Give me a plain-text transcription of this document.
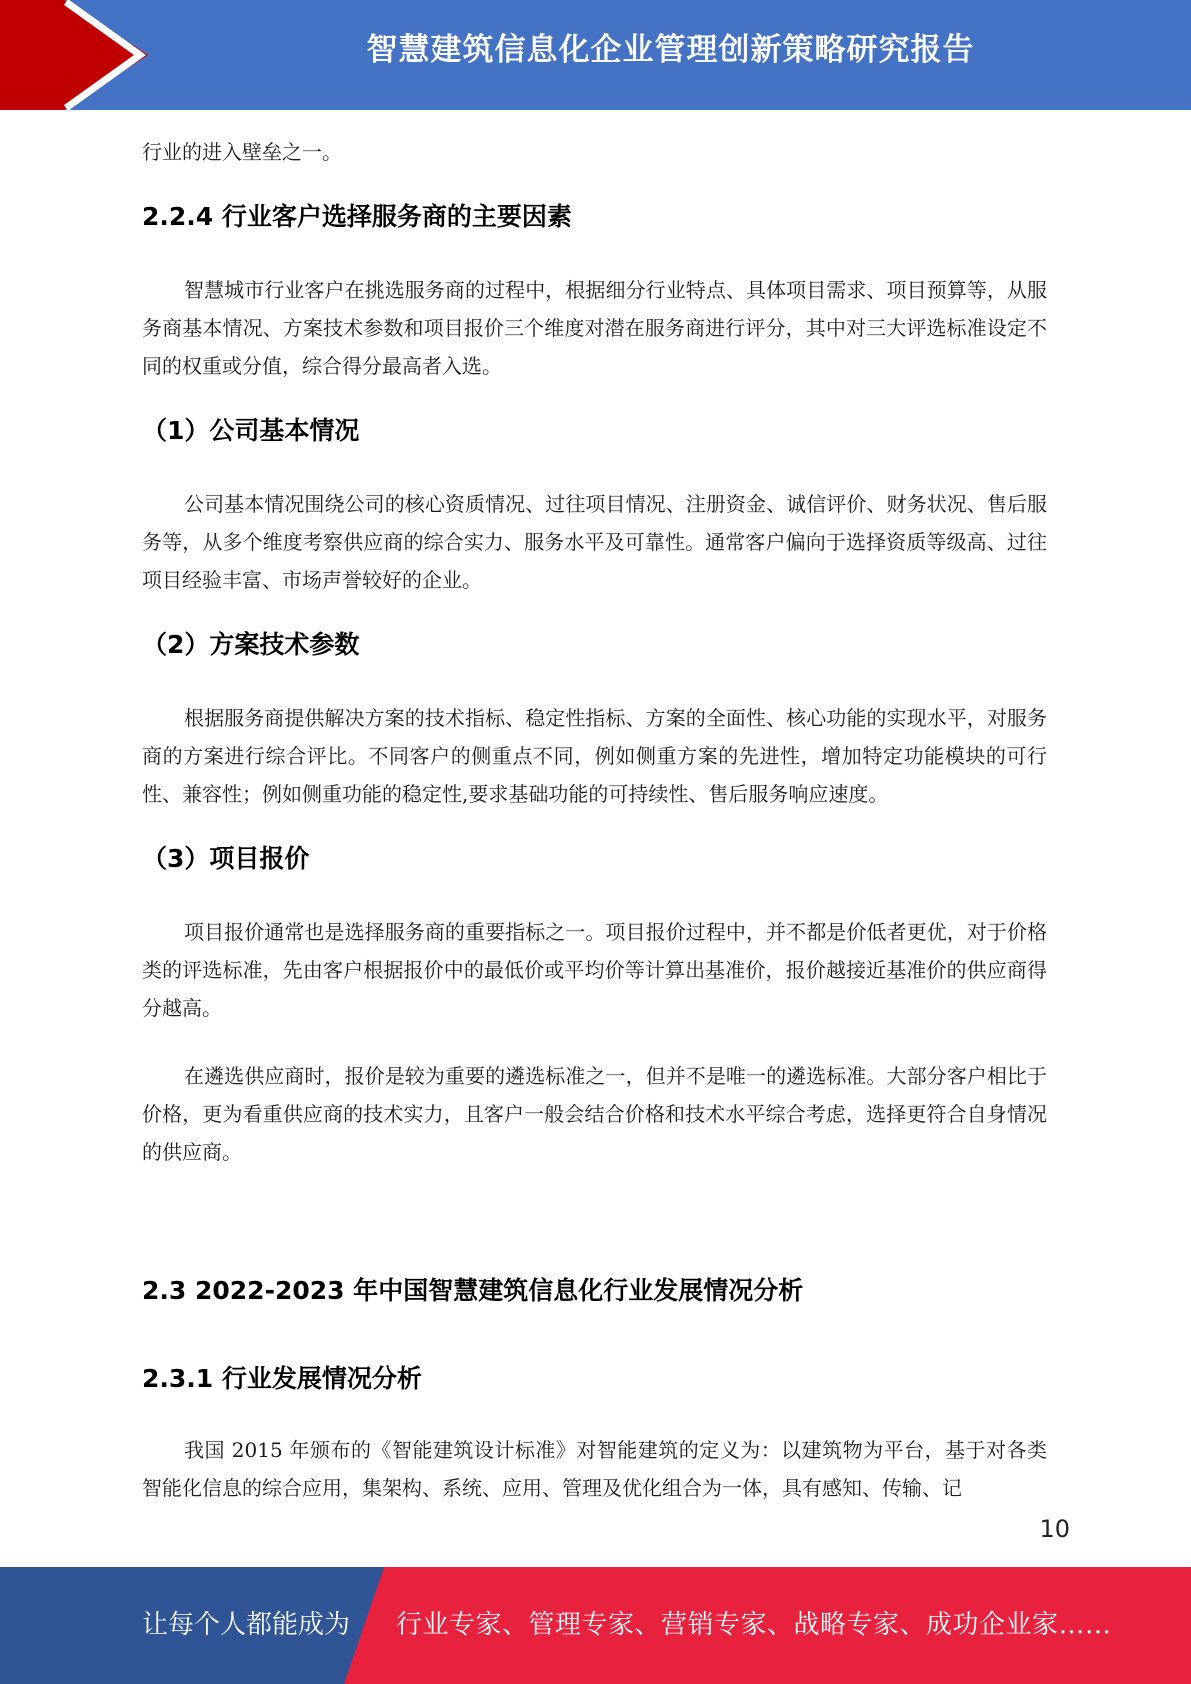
智慧建筑信息化企业管理创新策略研究报告

行业的进入壁垒之一。

2.2.4 行业客户选择服务商的主要因素

智慧城市行业客户在挑选服务商的过程中，根据细分行业特点、具体项目需求、项目预算等，从服务商基本情况、方案技术参数和项目报价三个维度对潜在服务商进行评分，其中对三大评选标准设定不同的权重或分值，综合得分最高者入选。

（1）公司基本情况

公司基本情况围绕公司的核心资质情况、过往项目情况、注册资金、诚信评价、财务状况、售后服务等，从多个维度考察供应商的综合实力、服务水平及可靠性。通常客户偏向于选择资质等级高、过往项目经验丰富、市场声誉较好的企业。

（2）方案技术参数

根据服务商提供解决方案的技术指标、稳定性指标、方案的全面性、核心功能的实现水平，对服务商的方案进行综合评比。不同客户的侧重点不同，例如侧重方案的先进性，增加特定功能模块的可行性、兼容性；例如侧重功能的稳定性,要求基础功能的可持续性、售后服务响应速度。

（3）项目报价

项目报价通常也是选择服务商的重要指标之一。项目报价过程中，并不都是价低者更优，对于价格类的评选标准，先由客户根据报价中的最低价或平均价等计算出基准价，报价越接近基准价的供应商得分越高。

在遴选供应商时，报价是较为重要的遴选标准之一，但并不是唯一的遴选标准。大部分客户相比于价格，更为看重供应商的技术实力，且客户一般会结合价格和技术水平综合考虑，选择更符合自身情况的供应商。

2.3 2022-2023 年中国智慧建筑信息化行业发展情况分析
2.3.1 行业发展情况分析

我国 2015 年颁布的《智能建筑设计标准》对智能建筑的定义为：以建筑物为平台，基于对各类智能化信息的综合应用，集架构、系统、应用、管理及优化组合为一体，具有感知、传输、记

10
让每个人都能成为 行业专家、管理专家、营销专家、战略专家、成功企业家……
